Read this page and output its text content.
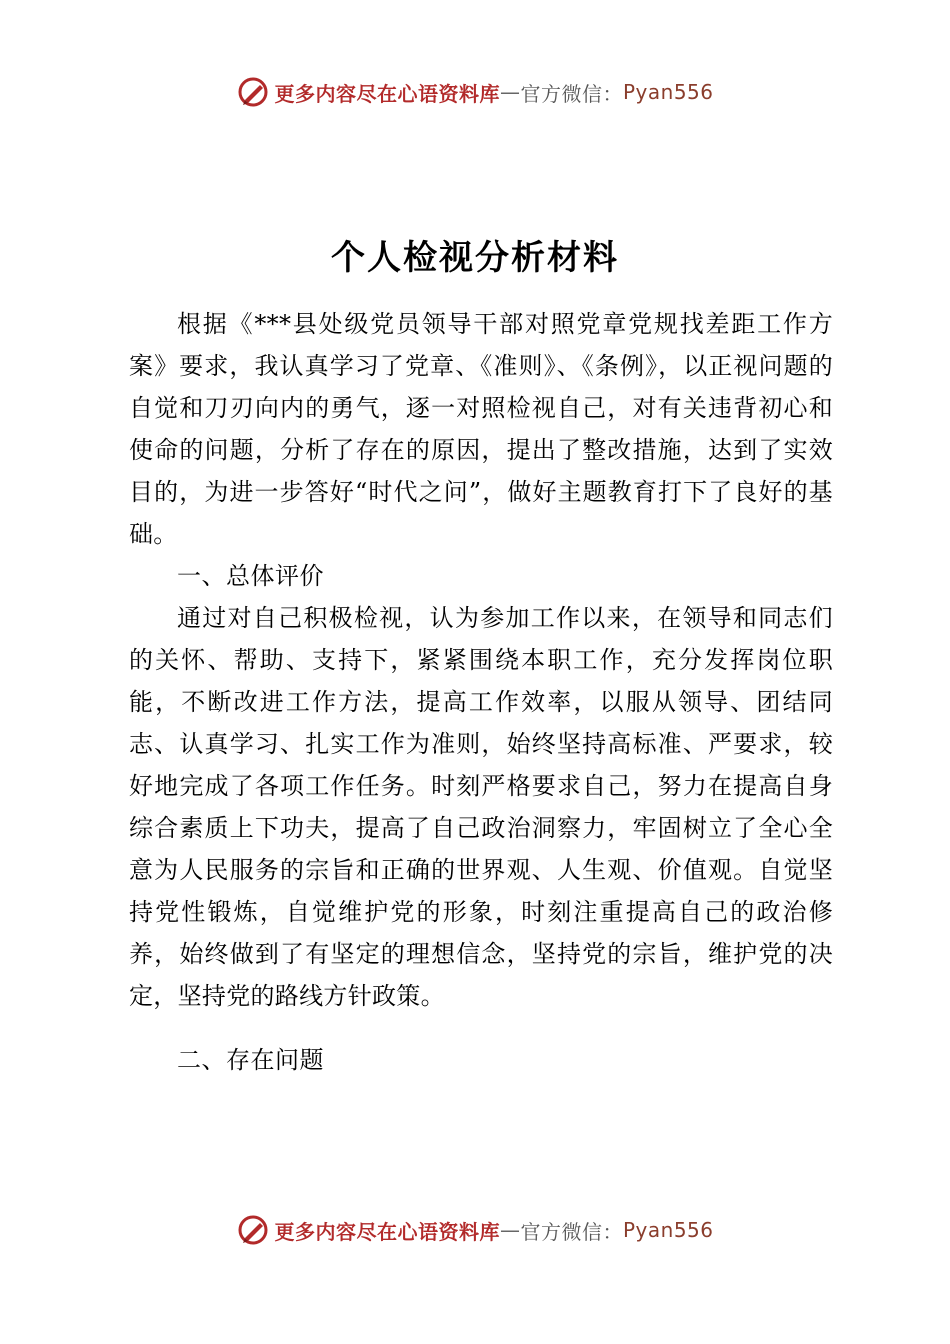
更多内容尽在心语资料库 — 官方微信： Pyan556
个人检视分析材料

根据《***县处级党员领导干部对照党章党规找差距工作方案》要求，我认真学习了党章、《准则》、《条例》，以正视问题的自觉和刀刃向内的勇气，逐一对照检视自己，对有关违背初心和使命的问题，分析了存在的原因，提出了整改措施，达到了实效目的，为进一步答好“时代之问”，做好主题教育打下了良好的基础。

一、总体评价

通过对自己积极检视，认为参加工作以来，在领导和同志们的关怀、帮助、支持下，紧紧围绕本职工作，充分发挥岗位职能，不断改进工作方法，提高工作效率，以服从领导、团结同志、认真学习、扎实工作为准则，始终坚持高标准、严要求，较好地完成了各项工作任务。时刻严格要求自己，努力在提高自身综合素质上下功夫，提高了自己政治洞察力，牢固树立了全心全意为人民服务的宗旨和正确的世界观、人生观、价值观。自觉坚持党性锻炼，自觉维护党的形象，时刻注重提高自己的政治修养，始终做到了有坚定的理想信念，坚持党的宗旨，维护党的决定，坚持党的路线方针政策。

二、存在问题

更多内容尽在心语资料库 — 官方微信： Pyan556
